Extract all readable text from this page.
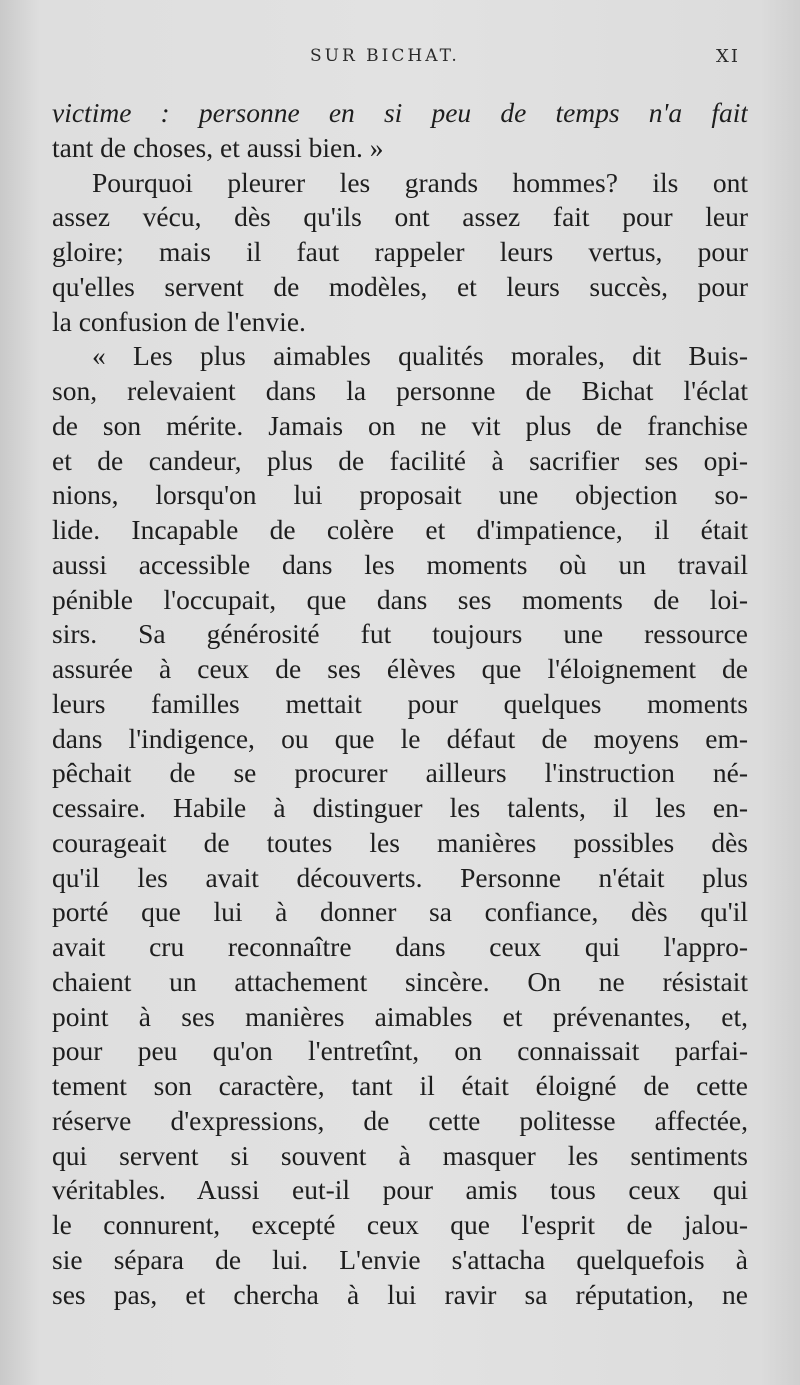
SUR BICHAT.	XI
victime : personne en si peu de temps n'a fait
tant de choses, et aussi bien. »
Pourquoi pleurer les grands hommes? ils ont
assez vécu, dès qu'ils ont assez fait pour leur
gloire; mais il faut rappeler leurs vertus, pour
qu'elles servent de modèles, et leurs succès, pour
la confusion de l'envie.
« Les plus aimables qualités morales, dit Buis-
son, relevaient dans la personne de Bichat l'éclat
de son mérite. Jamais on ne vit plus de franchise
et de candeur, plus de facilité à sacrifier ses opi-
nions, lorsqu'on lui proposait une objection so-
lide. Incapable de colère et d'impatience, il était
aussi accessible dans les moments où un travail
pénible l'occupait, que dans ses moments de loi-
sirs. Sa générosité fut toujours une ressource
assurée à ceux de ses élèves que l'éloignement de
leurs familles mettait pour quelques moments
dans l'indigence, ou que le défaut de moyens em-
pêchait de se procurer ailleurs l'instruction né-
cessaire. Habile à distinguer les talents, il les en-
courageait de toutes les manières possibles dès
qu'il les avait découverts. Personne n'était plus
porté que lui à donner sa confiance, dès qu'il
avait cru reconnaître dans ceux qui l'appro-
chaient un attachement sincère. On ne résistait
point à ses manières aimables et prévenantes, et,
pour peu qu'on l'entretînt, on connaissait parfai-
tement son caractère, tant il était éloigné de cette
réserve d'expressions, de cette politesse affectée,
qui servent si souvent à masquer les sentiments
véritables. Aussi eut-il pour amis tous ceux qui
le connurent, excepté ceux que l'esprit de jalou-
sie sépara de lui. L'envie s'attacha quelquefois à
ses pas, et chercha à lui ravir sa réputation, ne
